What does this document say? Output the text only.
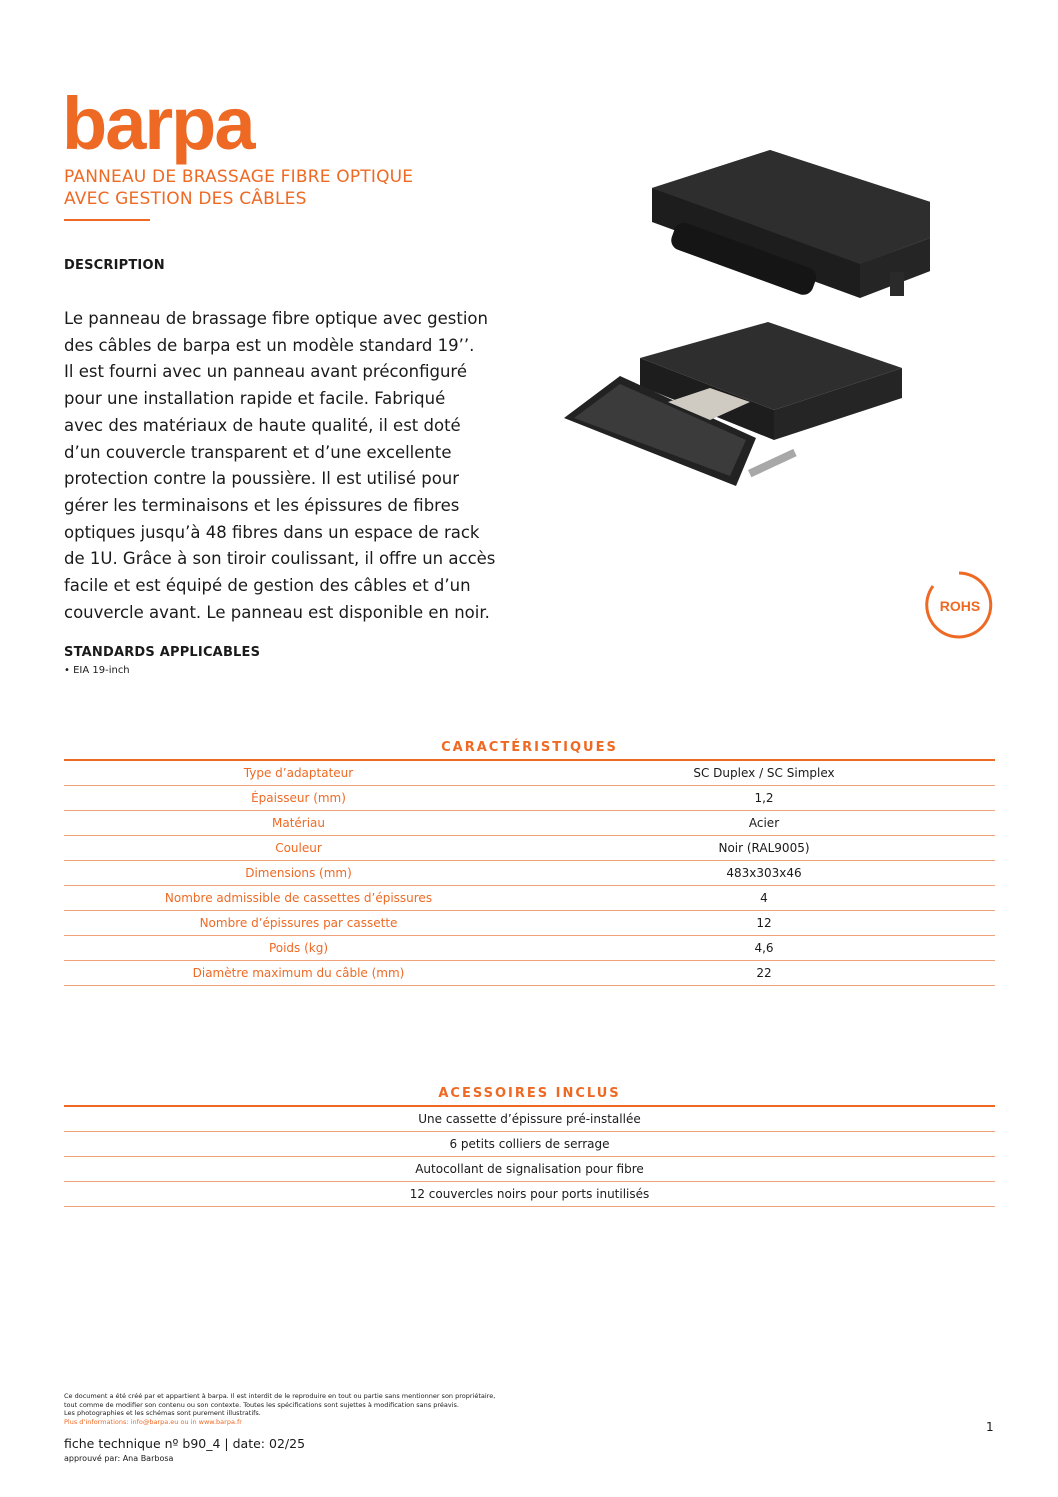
barpa
PANNEAU DE BRASSAGE FIBRE OPTIQUE
AVEC GESTION DES CÂBLES
DESCRIPTION
Le panneau de brassage fibre optique avec gestion
des câbles de barpa est un modèle standard 19’’.
Il est fourni avec un panneau avant préconfiguré
pour une installation rapide et facile. Fabriqué
avec des matériaux de haute qualité, il est doté
d’un couvercle transparent et d’une excellente
protection contre la poussière. Il est utilisé pour
gérer les terminaisons et les épissures de fibres
optiques jusqu’à 48 fibres dans un espace de rack
de 1U. Grâce à son tiroir coulissant, il offre un accès
facile et est équipé de gestion des câbles et d’un
couvercle avant. Le panneau est disponible en noir.
STANDARDS APPLICABLES
• EIA 19-inch
ROHS
CARACTÉRISTIQUES
Type d’adaptateur	SC Duplex / SC Simplex
Épaisseur (mm)	1,2
Matériau	Acier
Couleur	Noir (RAL9005)
Dimensions (mm)	483x303x46
Nombre admissible de cassettes d’épissures	4
Nombre d’épissures par cassette	12
Poids (kg)	4,6
Diamètre maximum du câble (mm)	22
ACESSOIRES INCLUS
Une cassette d’épissure pré-installée
6 petits colliers de serrage
Autocollant de signalisation pour fibre
12 couvercles noirs pour ports inutilisés
Ce document a été créé par et appartient à barpa. Il est interdit de le reproduire en tout ou partie sans mentionner son propriétaire,
tout comme de modifier son contenu ou son contexte. Toutes les spécifications sont sujettes à modification sans préavis.
Les photographies et les schémas sont purement illustratifs.
Plus d’informations: info@barpa.eu ou in www.barpa.fr
fiche technique nº b90_4 | date: 02/25
approuvé par: Ana Barbosa
1
